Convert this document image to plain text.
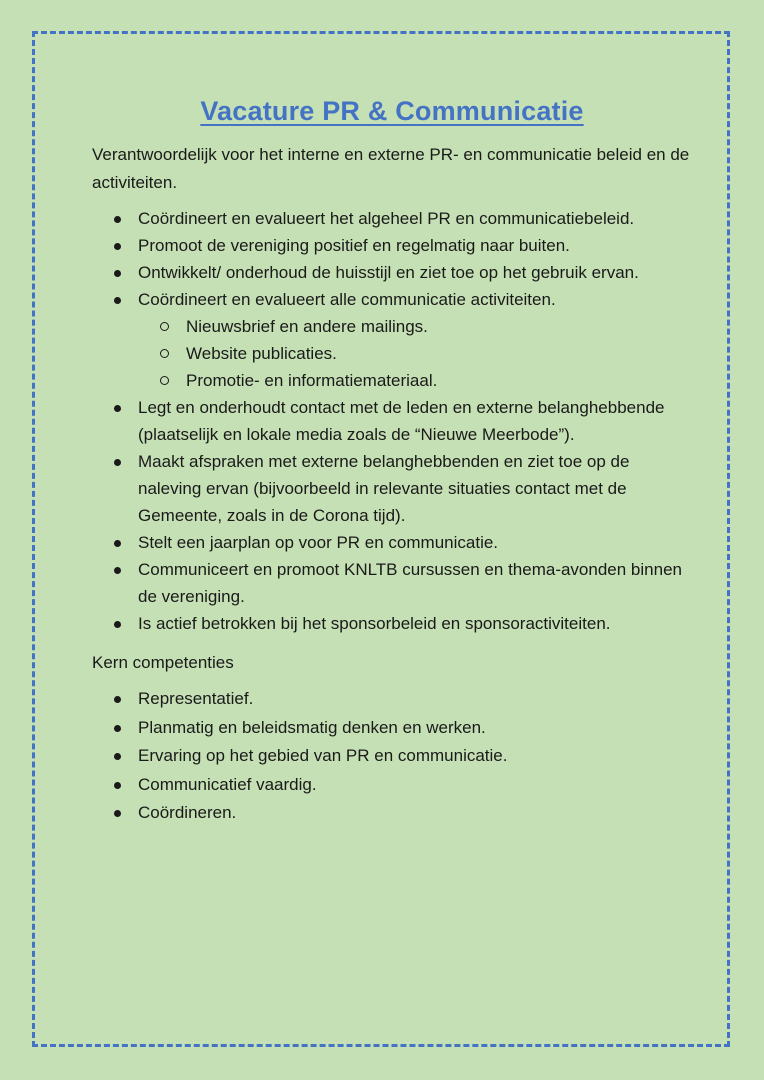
Vacature PR & Communicatie

Verantwoordelijk voor het interne en externe PR- en communicatie beleid en de activiteiten.

Coördineert en evalueert het algeheel PR en communicatiebeleid.
Promoot de vereniging positief en regelmatig naar buiten.
Ontwikkelt/ onderhoud de huisstijl en ziet toe op het gebruik ervan.
Coördineert en evalueert alle communicatie activiteiten.
Nieuwsbrief en andere mailings.
Website publicaties.
Promotie- en informatiemateriaal.
Legt en onderhoudt contact met de leden en externe belanghebbende (plaatselijk en lokale media zoals de “Nieuwe Meerbode”).
Maakt afspraken met externe belanghebbenden en ziet toe op de naleving ervan (bijvoorbeeld in relevante situaties contact met de Gemeente, zoals in de Corona tijd).
Stelt een jaarplan op voor PR en communicatie.
Communiceert en promoot KNLTB cursussen en thema-avonden binnen de vereniging.
Is actief betrokken bij het sponsorbeleid en sponsoractiviteiten.

Kern competenties

Representatief.
Planmatig en beleidsmatig denken en werken.
Ervaring op het gebied van PR en communicatie.
Communicatief vaardig.
Coördineren.
